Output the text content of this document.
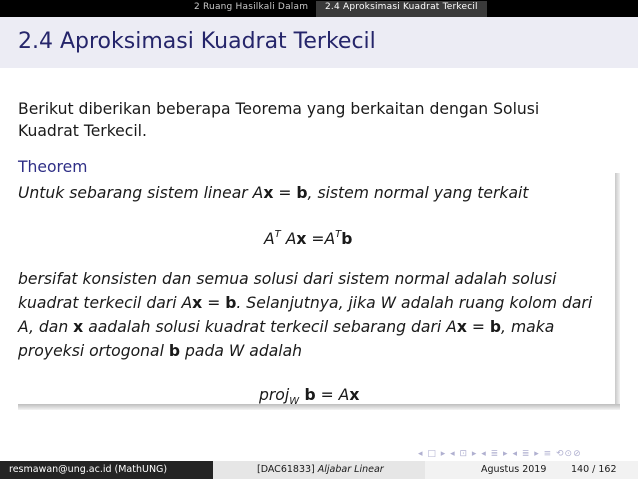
2 Ruang Hasilkali Dalam 2.4 Aproksimasi Kuadrat Terkecil
2.4 Aproksimasi Kuadrat Terkecil
Berikut diberikan beberapa Teorema yang berkaitan dengan Solusi
Kuadrat Terkecil.
Theorem
Untuk sebarang sistem linear Ax = b, sistem normal yang terkait
$A^T$ $Ax =A^Tb$
bersifat konsisten dan semua solusi dari sistem normal adalah solusi
kuadrat terkecil dari Ax = b. Selanjutnya, jika W adalah ruang kolom dari
A, dan x aadalah solusi kuadrat terkecil sebarang dari Ax = b, maka
proyeksi ortogonal b pada W adalah
proj$_W$ b = Ax
◂ □ ▸ ◂ ⊡ ▸ ◂ ≣ ▸ ◂ ≣ ▸ ≡ ⟲⊙⊘
resmawan@ung.ac.id (MathUNG)	[DAC61833] Aljabar Linear	Agustus 2019	140 / 162
